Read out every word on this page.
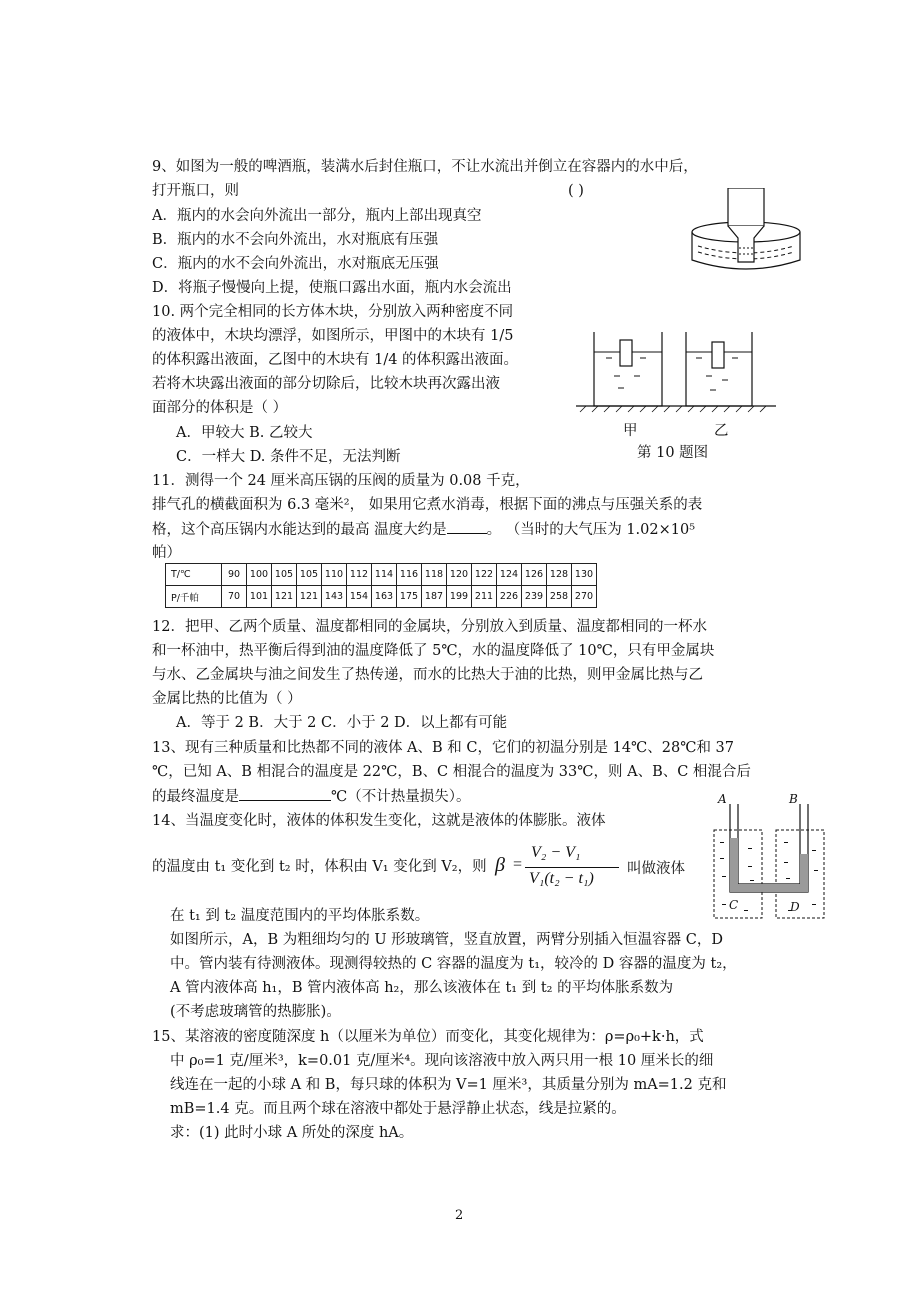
9、如图为一般的啤酒瓶，装满水后封住瓶口，不让水流出并倒立在容器内的水中后，
打开瓶口，则	( )
A．瓶内的水会向外流出一部分，瓶内上部出现真空
B．瓶内的水不会向外流出，水对瓶底有压强
C．瓶内的水不会向外流出，水对瓶底无压强
D．将瓶子慢慢向上提，使瓶口露出水面，瓶内水会流出
10. 两个完全相同的长方体木块，分别放入两种密度不同
的液体中，木块均漂浮，如图所示，甲图中的木块有 1/5
的体积露出液面，乙图中的木块有 1/4 的体积露出液面。
若将木块露出液面的部分切除后，比较木块再次露出液
面部分的体积是（ ）
A．甲较大 B. 乙较大
C．一样大 D. 条件不足，无法判断
甲	乙
第 10 题图
11．测得一个 24 厘米高压锅的压阀的质量为 0.08 千克，
排气孔的横截面积为 6.3 毫米²， 如果用它煮水消毒，根据下面的沸点与压强关系的表
格，这个高压锅内水能达到的最高 温度大约是	。 （当时的大气压为 1.02×10⁵
帕）
T/℃	90	100	105	105	110	112	114	116	118	120	122	124	126	128	130
P/千帕	70	101	121	121	143	154	163	175	187	199	211	226	239	258	270
12．把甲、乙两个质量、温度都相同的金属块，分别放入到质量、温度都相同的一杯水
和一杯油中，热平衡后得到油的温度降低了 5℃，水的温度降低了 10℃，只有甲金属块
与水、乙金属块与油之间发生了热传递，而水的比热大于油的比热，则甲金属比热与乙
金属比热的比值为（ ）
A．等于 2 B．大于 2 C．小于 2 D．以上都有可能
13、现有三种质量和比热都不同的液体 A、B 和 C，它们的初温分别是 14℃、28℃和 37
℃，已知 A、B 相混合的温度是 22℃，B、C 相混合的温度为 33℃，则 A、B、C 相混合后
的最终温度是	℃（不计热量损失）。
14、当温度变化时，液体的体积发生变化，这就是液体的体膨胀。液体
的温度由 t₁ 变化到 t₂ 时，体积由 V₁ 变化到 V₂，则 β =
V₂ − V₁
V₁(t₂ − t₁)
叫做液体
在 t₁ 到 t₂ 温度范围内的平均体胀系数。
如图所示，A，B 为粗细均匀的 U 形玻璃管，竖直放置，两臂分别插入恒温容器 C，D
中。管内装有待测液体。现测得较热的 C 容器的温度为 t₁，较冷的 D 容器的温度为 t₂，
A 管内液体高 h₁，B 管内液体高 h₂，那么该液体在 t₁ 到 t₂ 的平均体胀系数为
(不考虑玻璃管的热膨胀)。
A	B
C	D
15、某溶液的密度随深度 h（以厘米为单位）而变化，其变化规律为：ρ=ρ₀+k·h，式
中 ρ₀=1 克/厘米³，k=0.01 克/厘米⁴。现向该溶液中放入两只用一根 10 厘米长的细
线连在一起的小球 A 和 B，每只球的体积为 V=1 厘米³，其质量分别为 mA=1.2 克和
mB=1.4 克。而且两个球在溶液中都处于悬浮静止状态，线是拉紧的。
求：(1) 此时小球 A 所处的深度 hA。
2
